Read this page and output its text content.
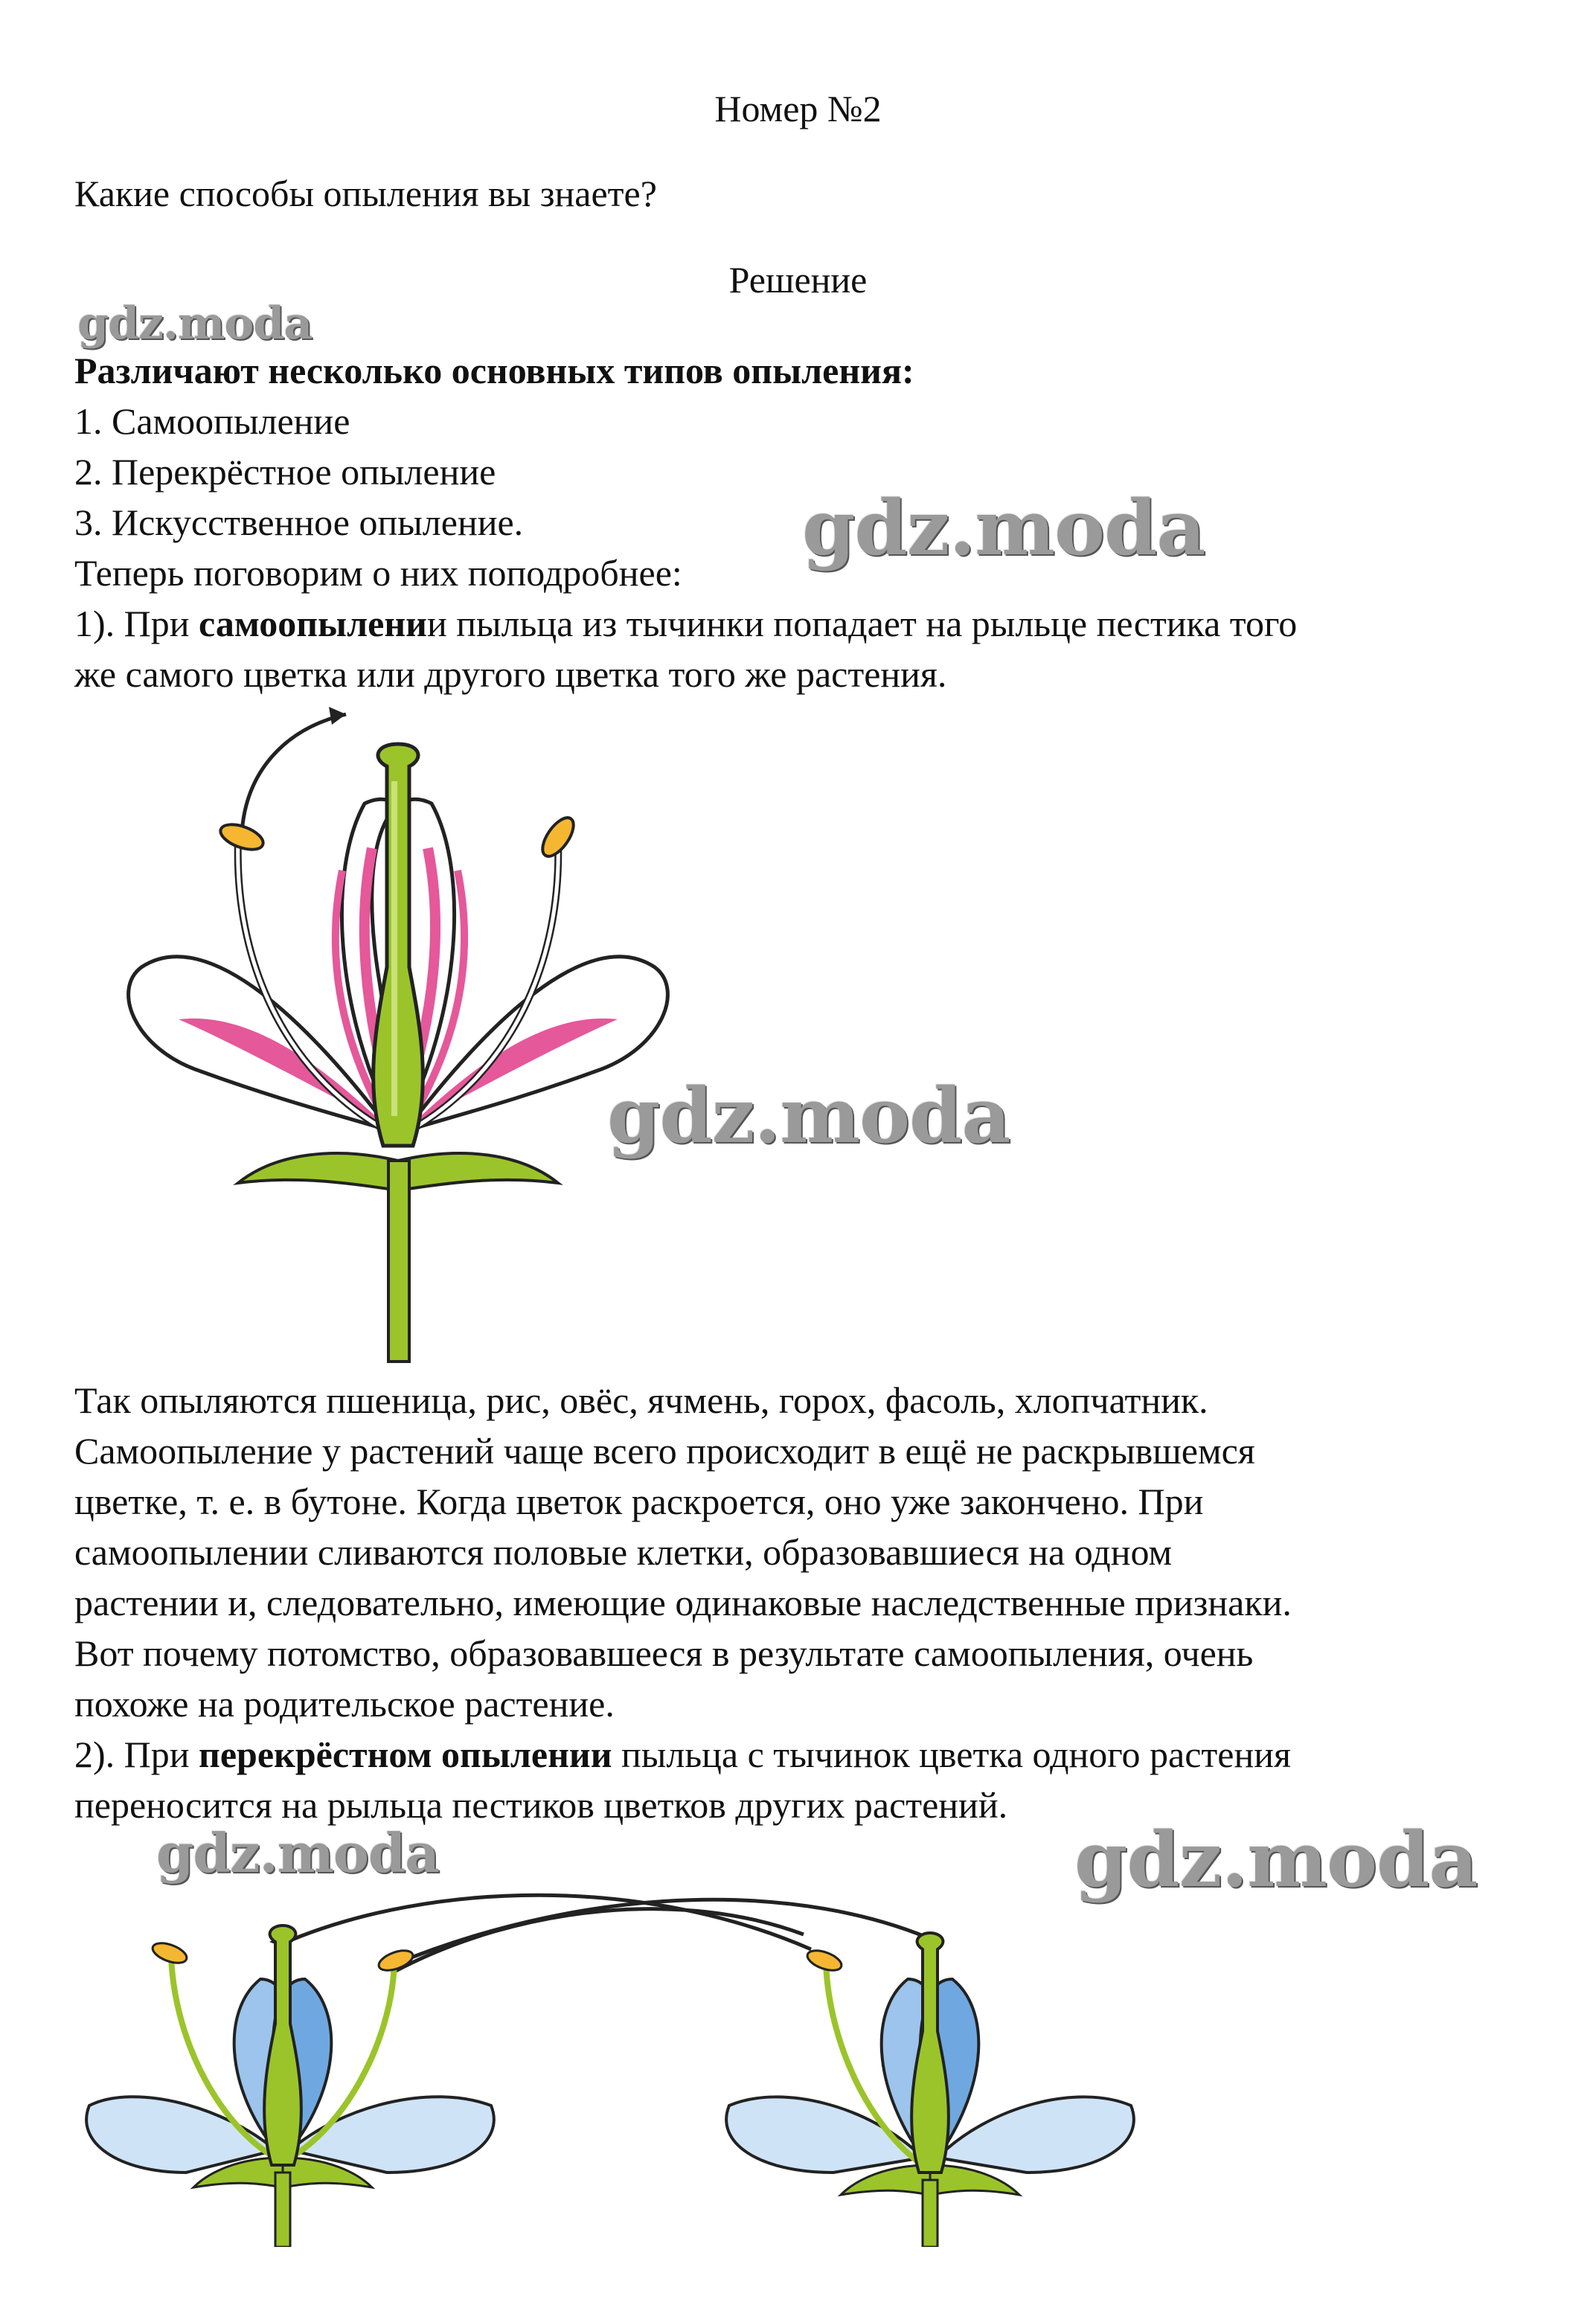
Номер №2
Какие способы опыления вы знаете?
Решение
Различают несколько основных типов опыления:
1. Самоопыление
2. Перекрёстное опыление
3. Искусственное опыление.
Теперь поговорим о них поподробнее:
1). При самоопылении пыльца из тычинки попадает на рыльце пестика того
же самого цветка или другого цветка того же растения.
Так опыляются пшеница, рис, овёс, ячмень, горох, фасоль, хлопчатник.
Самоопыление у растений чаще всего происходит в ещё не раскрывшемся
цветке, т. е. в бутоне. Когда цветок раскроется, оно уже закончено. При
самоопылении сливаются половые клетки, образовавшиеся на одном
растении и, следовательно, имеющие одинаковые наследственные признаки.
Вот почему потомство, образовавшееся в результате самоопыления, очень
похоже на родительское растение.
2). При перекрёстном опылении пыльца с тычинок цветка одного растения
переносится на рыльца пестиков цветков других растений.
gdz.moda
gdz.moda
gdz.moda
gdz.moda	gdz.moda
